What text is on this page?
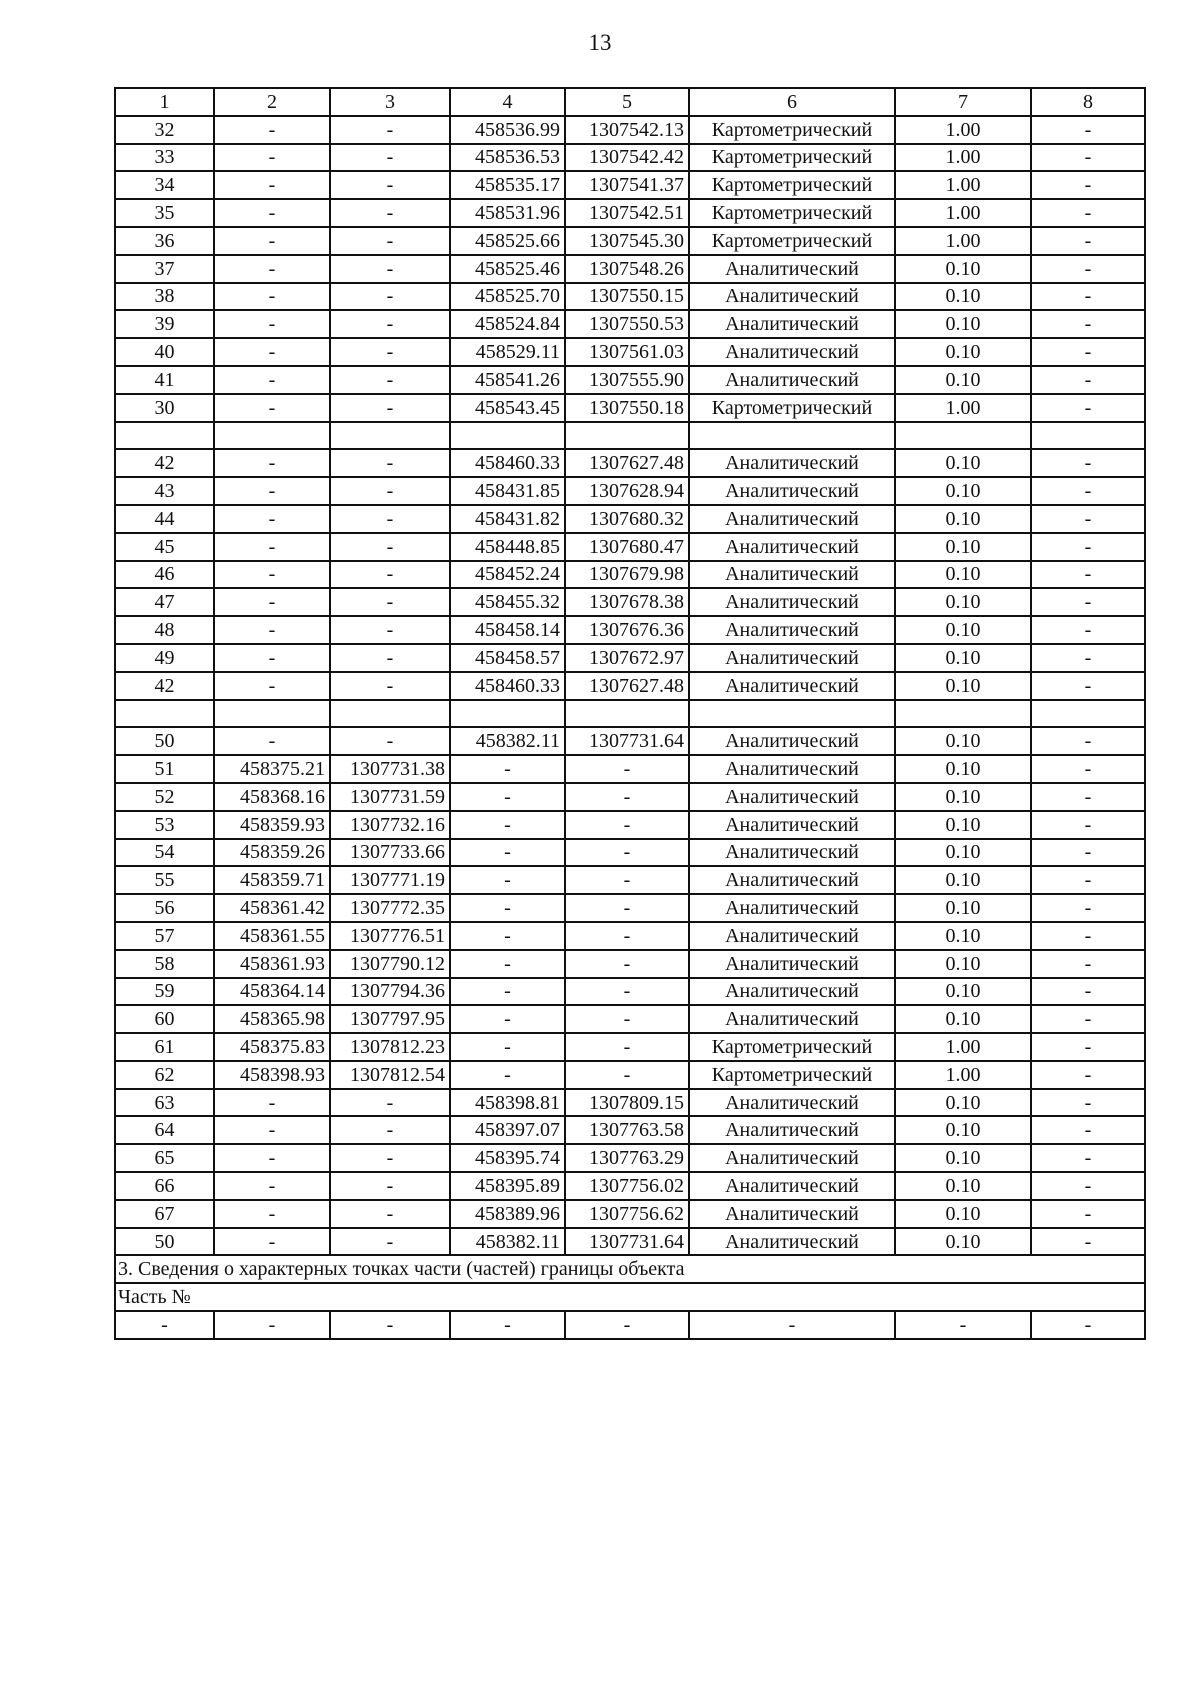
13
1	2	3	4	5	6	7	8
32	-	-	458536.99	1307542.13	Картометрический	1.00	-
33	-	-	458536.53	1307542.42	Картометрический	1.00	-
34	-	-	458535.17	1307541.37	Картометрический	1.00	-
35	-	-	458531.96	1307542.51	Картометрический	1.00	-
36	-	-	458525.66	1307545.30	Картометрический	1.00	-
37	-	-	458525.46	1307548.26	Аналитический	0.10	-
38	-	-	458525.70	1307550.15	Аналитический	0.10	-
39	-	-	458524.84	1307550.53	Аналитический	0.10	-
40	-	-	458529.11	1307561.03	Аналитический	0.10	-
41	-	-	458541.26	1307555.90	Аналитический	0.10	-
30	-	-	458543.45	1307550.18	Картометрический	1.00	-

42	-	-	458460.33	1307627.48	Аналитический	0.10	-
43	-	-	458431.85	1307628.94	Аналитический	0.10	-
44	-	-	458431.82	1307680.32	Аналитический	0.10	-
45	-	-	458448.85	1307680.47	Аналитический	0.10	-
46	-	-	458452.24	1307679.98	Аналитический	0.10	-
47	-	-	458455.32	1307678.38	Аналитический	0.10	-
48	-	-	458458.14	1307676.36	Аналитический	0.10	-
49	-	-	458458.57	1307672.97	Аналитический	0.10	-
42	-	-	458460.33	1307627.48	Аналитический	0.10	-

50	-	-	458382.11	1307731.64	Аналитический	0.10	-
51	458375.21	1307731.38	-	-	Аналитический	0.10	-
52	458368.16	1307731.59	-	-	Аналитический	0.10	-
53	458359.93	1307732.16	-	-	Аналитический	0.10	-
54	458359.26	1307733.66	-	-	Аналитический	0.10	-
55	458359.71	1307771.19	-	-	Аналитический	0.10	-
56	458361.42	1307772.35	-	-	Аналитический	0.10	-
57	458361.55	1307776.51	-	-	Аналитический	0.10	-
58	458361.93	1307790.12	-	-	Аналитический	0.10	-
59	458364.14	1307794.36	-	-	Аналитический	0.10	-
60	458365.98	1307797.95	-	-	Аналитический	0.10	-
61	458375.83	1307812.23	-	-	Картометрический	1.00	-
62	458398.93	1307812.54	-	-	Картометрический	1.00	-
63	-	-	458398.81	1307809.15	Аналитический	0.10	-
64	-	-	458397.07	1307763.58	Аналитический	0.10	-
65	-	-	458395.74	1307763.29	Аналитический	0.10	-
66	-	-	458395.89	1307756.02	Аналитический	0.10	-
67	-	-	458389.96	1307756.62	Аналитический	0.10	-
50	-	-	458382.11	1307731.64	Аналитический	0.10	-
3. Сведения о характерных точках части (частей) границы объекта							
Часть №							
-	-	-	-	-	-	-	-
